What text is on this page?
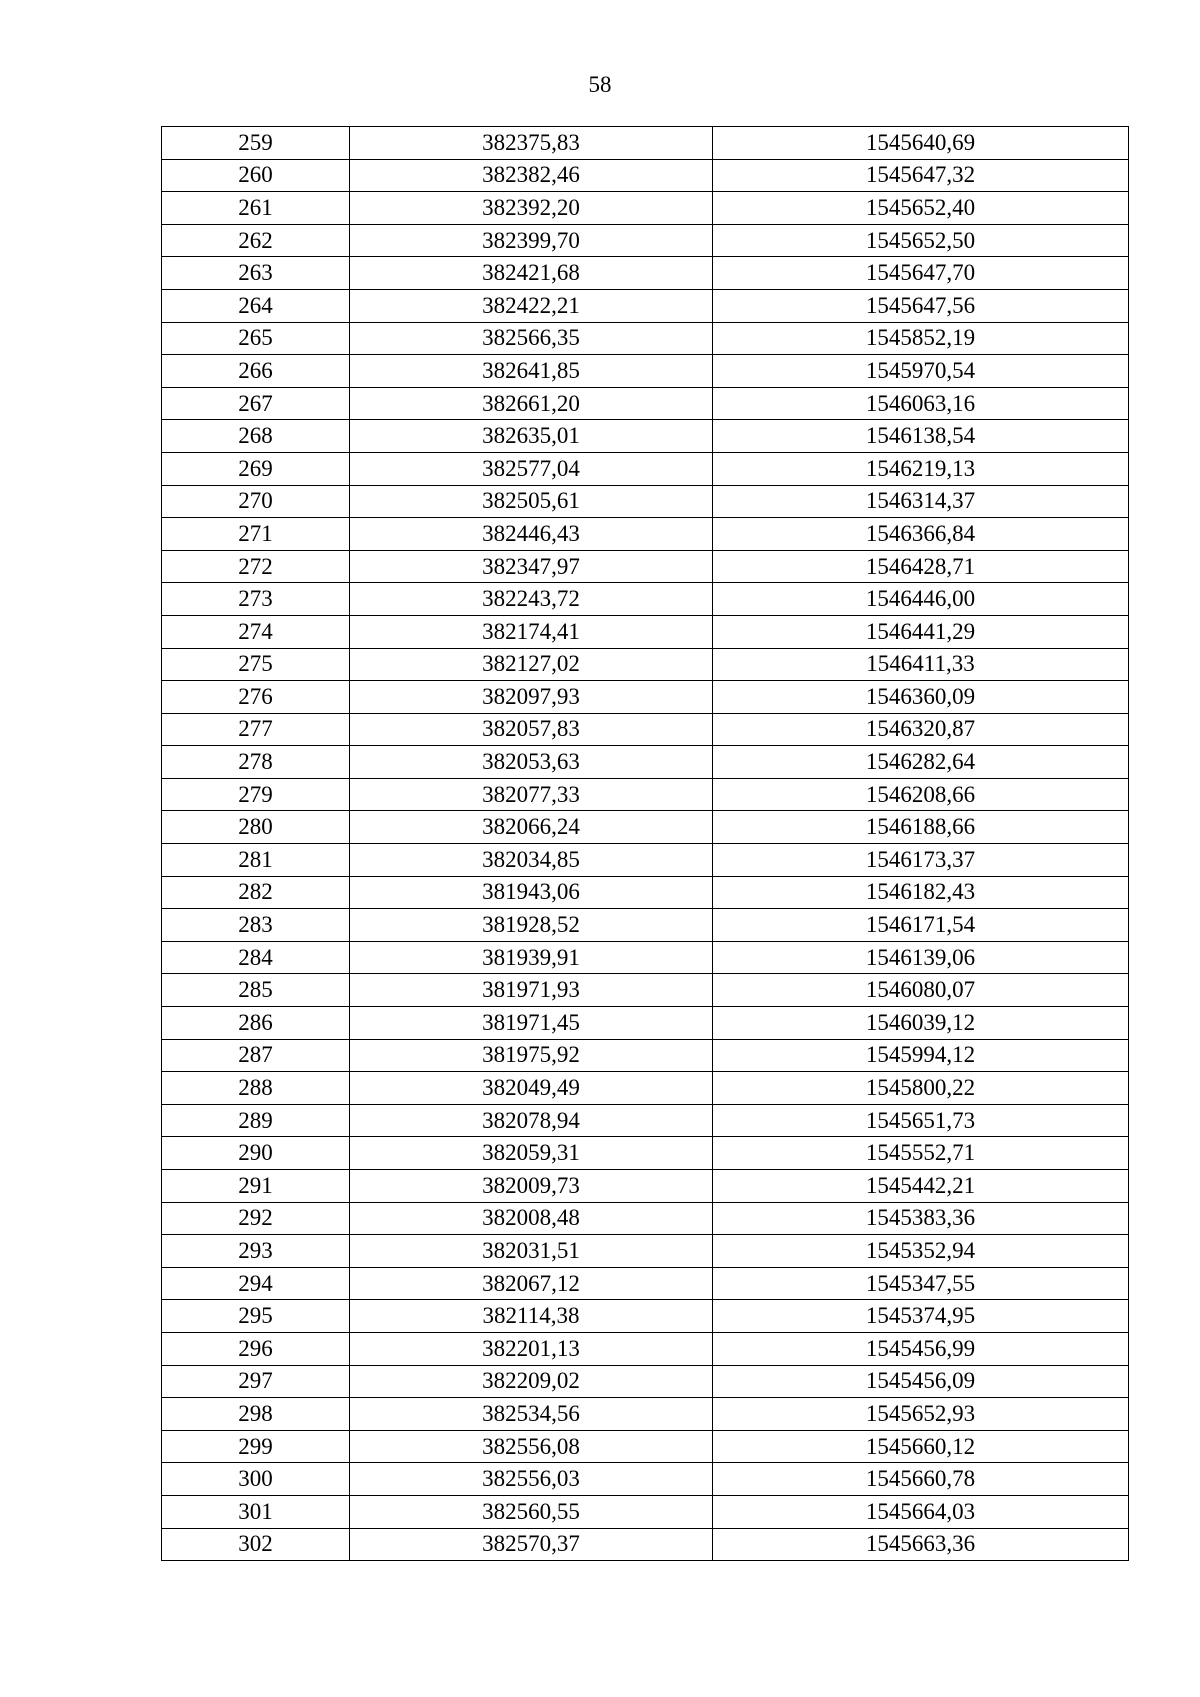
58
259	382375,83	1545640,69
260	382382,46	1545647,32
261	382392,20	1545652,40
262	382399,70	1545652,50
263	382421,68	1545647,70
264	382422,21	1545647,56
265	382566,35	1545852,19
266	382641,85	1545970,54
267	382661,20	1546063,16
268	382635,01	1546138,54
269	382577,04	1546219,13
270	382505,61	1546314,37
271	382446,43	1546366,84
272	382347,97	1546428,71
273	382243,72	1546446,00
274	382174,41	1546441,29
275	382127,02	1546411,33
276	382097,93	1546360,09
277	382057,83	1546320,87
278	382053,63	1546282,64
279	382077,33	1546208,66
280	382066,24	1546188,66
281	382034,85	1546173,37
282	381943,06	1546182,43
283	381928,52	1546171,54
284	381939,91	1546139,06
285	381971,93	1546080,07
286	381971,45	1546039,12
287	381975,92	1545994,12
288	382049,49	1545800,22
289	382078,94	1545651,73
290	382059,31	1545552,71
291	382009,73	1545442,21
292	382008,48	1545383,36
293	382031,51	1545352,94
294	382067,12	1545347,55
295	382114,38	1545374,95
296	382201,13	1545456,99
297	382209,02	1545456,09
298	382534,56	1545652,93
299	382556,08	1545660,12
300	382556,03	1545660,78
301	382560,55	1545664,03
302	382570,37	1545663,36
